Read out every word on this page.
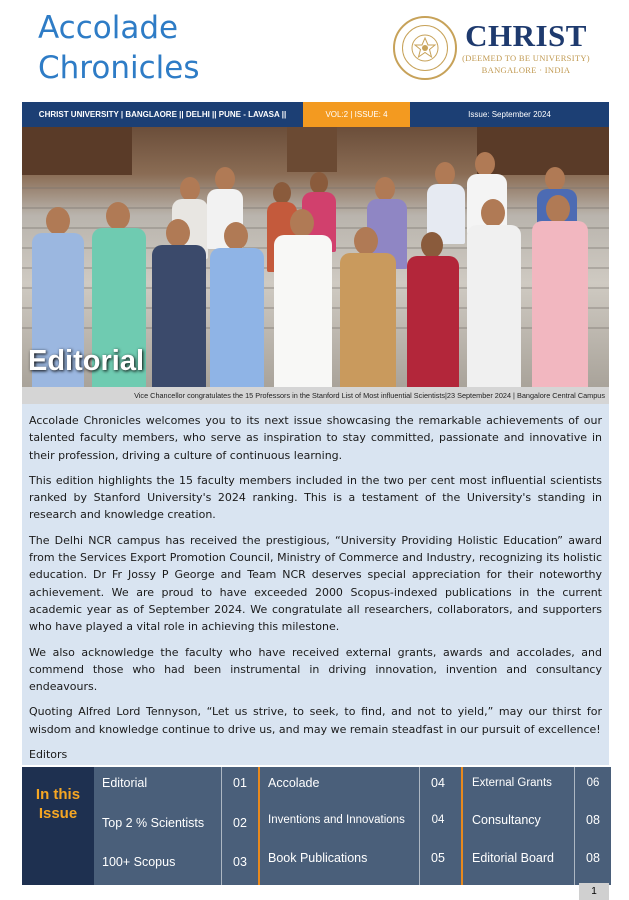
Accolade
Chronicles
CHRIST
(DEEMED TO BE UNIVERSITY)
BANGALORE · INDIA
CHRIST UNIVERSITY | BANGLAORE || DELHI || PUNE - LAVASA ||	VOL:2 | ISSUE: 4	Issue: September 2024
Editorial
Vice Chancellor congratulates the 15 Professors in the Stanford List of Most influential Scientists|23 September 2024 | Bangalore Central Campus

Accolade Chronicles welcomes you to its next issue showcasing the remarkable achievements of our talented faculty members, who serve as inspiration to stay committed, passionate and innovative in their profession, driving a culture of continuous learning.

This edition highlights the 15 faculty members included in the two per cent most influential scientists ranked by Stanford University's 2024 ranking. This is a testament of the University's standing in research and knowledge creation.

The Delhi NCR campus has received the prestigious, “University Providing Holistic Education” award from the Services Export Promotion Council, Ministry of Commerce and Industry, recognizing its holistic education. Dr Fr Jossy P George and Team NCR deserves special appreciation for their noteworthy achievement. We are proud to have exceeded 2000 Scopus-indexed publications in the current academic year as of September 2024. We congratulate all researchers, collaborators, and supporters who have played a vital role in achieving this milestone.

We also acknowledge the faculty who have received external grants, awards and accolades, and commend those who had been instrumental in driving innovation, invention and consultancy endeavours.

Quoting Alfred Lord Tennyson, “Let us strive, to seek, to find, and not to yield,” may our thirst for wisdom and knowledge continue to drive us, and may we remain steadfast in our pursuit of excellence!

Editors

In this
Issue
Editorial	01
Top 2 % Scientists	02
100+ Scopus	03
Accolade	04
Inventions and Innovations	04
Book Publications	05
External Grants	06
Consultancy	08
Editorial Board	08
1
